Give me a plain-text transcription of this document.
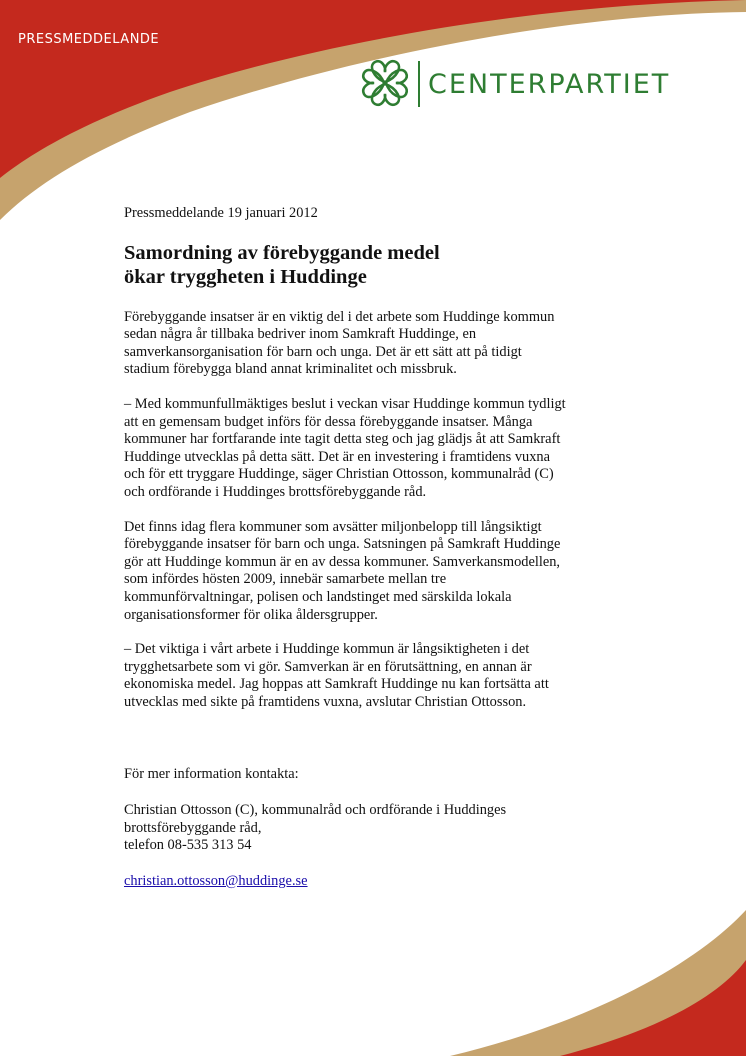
PRESSMEDDELANDE
CENTERPARTIET
Pressmeddelande 19 januari 2012
Samordning av förebyggande medel
ökar tryggheten i Huddinge
Förebyggande insatser är en viktig del i det arbete som Huddinge kommun
sedan några år tillbaka bedriver inom Samkraft Huddinge, en
samverkansorganisation för barn och unga. Det är ett sätt att på tidigt
stadium förebygga bland annat kriminalitet och missbruk.
– Med kommunfullmäktiges beslut i veckan visar Huddinge kommun tydligt
att en gemensam budget införs för dessa förebyggande insatser. Många
kommuner har fortfarande inte tagit detta steg och jag glädjs åt att Samkraft
Huddinge utvecklas på detta sätt. Det är en investering i framtidens vuxna
och för ett tryggare Huddinge, säger Christian Ottosson, kommunalråd (C)
och ordförande i Huddinges brottsförebyggande råd.
Det finns idag flera kommuner som avsätter miljonbelopp till långsiktigt
förebyggande insatser för barn och unga. Satsningen på Samkraft Huddinge
gör att Huddinge kommun är en av dessa kommuner. Samverkansmodellen,
som infördes hösten 2009, innebär samarbete mellan tre
kommunförvaltningar, polisen och landstinget med särskilda lokala
organisationsformer för olika åldersgrupper.
– Det viktiga i vårt arbete i Huddinge kommun är långsiktigheten i det
trygghetsarbete som vi gör. Samverkan är en förutsättning, en annan är
ekonomiska medel. Jag hoppas att Samkraft Huddinge nu kan fortsätta att
utvecklas med sikte på framtidens vuxna, avslutar Christian Ottosson.
För mer information kontakta:
Christian Ottosson (C), kommunalråd och ordförande i Huddinges
brottsförebyggande råd,
telefon 08-535 313 54
christian.ottosson@huddinge.se
